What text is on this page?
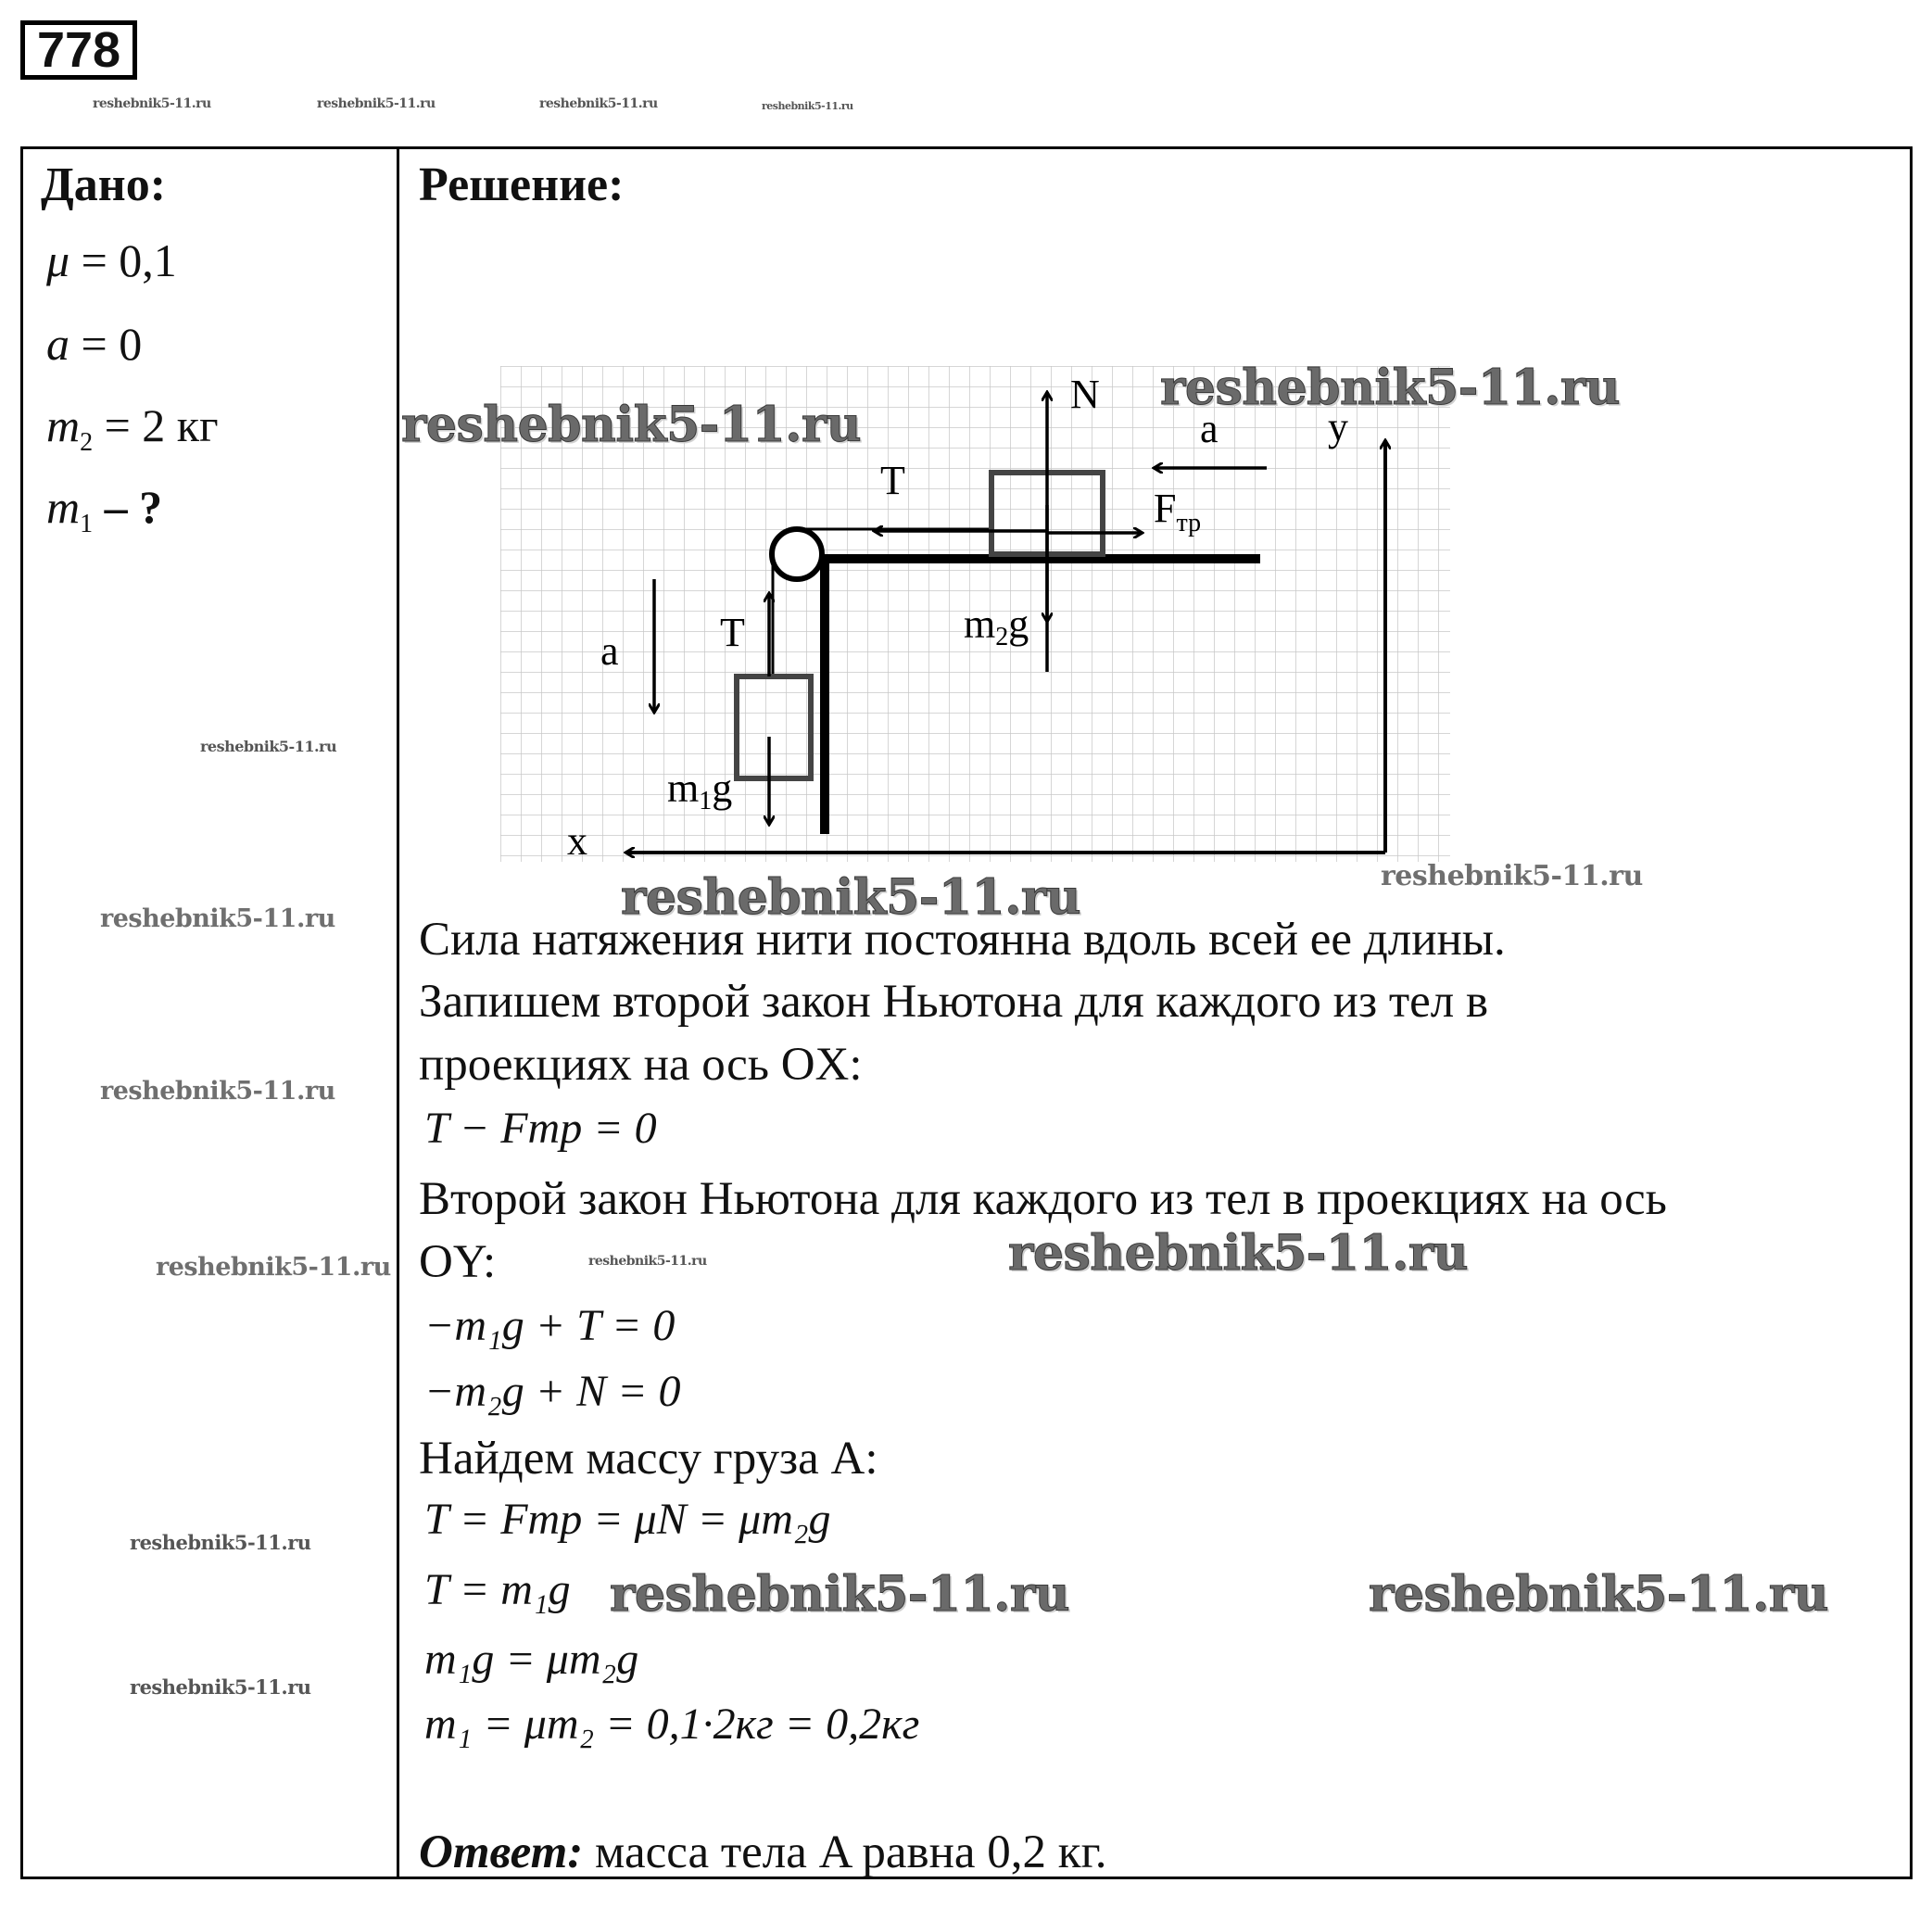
778
reshebnik5-11.ru	reshebnik5-11.ru	reshebnik5-11.ru	reshebnik5-11.ru
Дано:
μ = 0,1
a = 0
$m_2 = 2$ кг
$m_1$ – ?
Решение:
N
a	y
T
$F_{тр}$
T
a
m2g
m1g
x
Сила натяжения нити постоянна вдоль всей ее длины.
Запишем второй закон Ньютона для каждого из тел в
проекциях на ось OX:
T − Fтр = 0
Второй закон Ньютона для каждого из тел в проекциях на ось
OY:
−m₁g + T = 0
−m₂g + N = 0
Найдем массу груза A:
T = Fтр = μN = μm₂g
T = m₁g
m₁g = μm₂g
m₁ = μm₂ = 0,1·2кг = 0,2кг
Ответ: масса тела A равна 0,2 кг.
reshebnik5-11.ru
reshebnik5-11.ru
reshebnik5-11.ru	reshebnik5-11.ru
reshebnik5-11.ru
reshebnik5-11.ru
reshebnik5-11.ru
reshebnik5-11.ru	reshebnik5-11.ru	reshebnik5-11.ru
reshebnik5-11.ru
reshebnik5-11.ru	reshebnik5-11.ru
reshebnik5-11.ru
